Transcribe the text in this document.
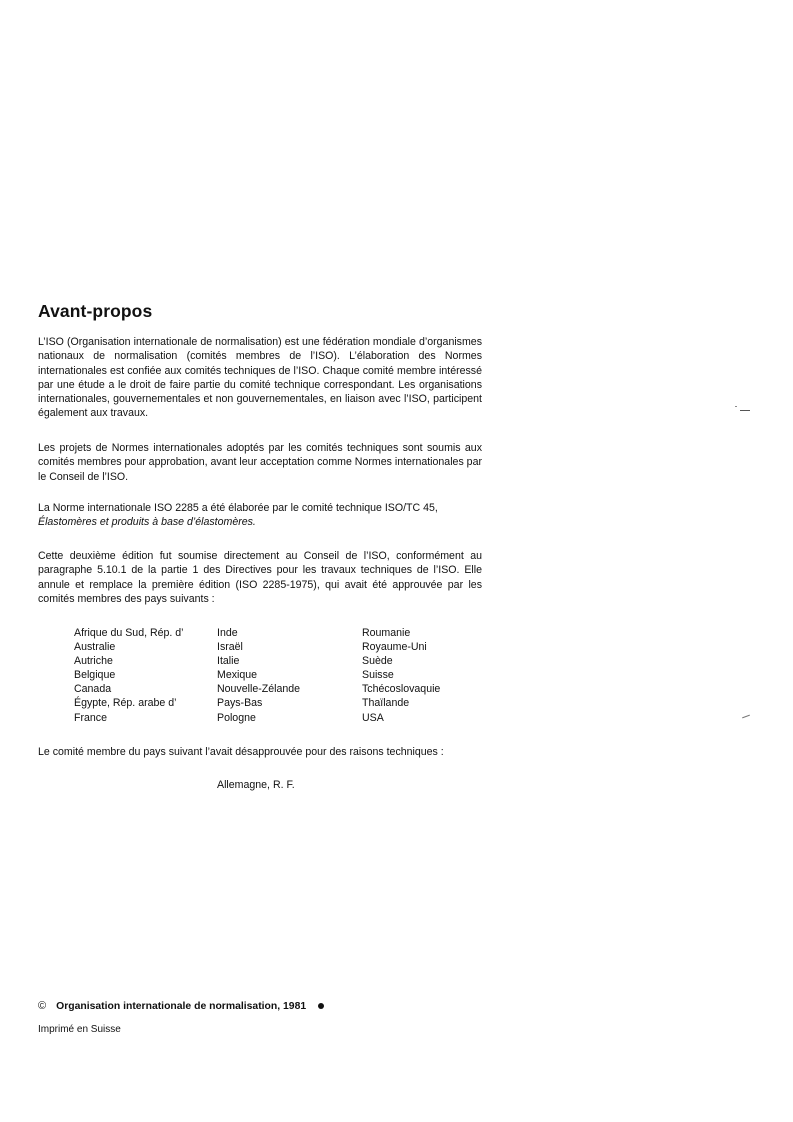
Avant-propos

L’ISO (Organisation internationale de normalisation) est une fédération mondiale d’organismes nationaux de normalisation (comités membres de l’ISO). L’élaboration des Normes internationales est confiée aux comités techniques de l’ISO. Chaque comité membre intéressé par une étude a le droit de faire partie du comité technique correspondant. Les organisations internationales, gouvernementales et non gouvernementales, en liaison avec l’ISO, participent également aux travaux.

Les projets de Normes internationales adoptés par les comités techniques sont soumis aux comités membres pour approbation, avant leur acceptation comme Normes internationales par le Conseil de l’ISO.

La Norme internationale ISO 2285 a été élaborée par le comité technique ISO/TC 45,
Élastomères et produits à base d’élastomères.

Cette deuxième édition fut soumise directement au Conseil de l’ISO, conformément au paragraphe 5.10.1 de la partie 1 des Directives pour les travaux techniques de l’ISO. Elle annule et remplace la première édition (ISO 2285-1975), qui avait été approuvée par les comités membres des pays suivants :

Afrique du Sud, Rép. d’
Australie
Autriche
Belgique
Canada
Égypte, Rép. arabe d’
France
Inde
Israël
Italie
Mexique
Nouvelle-Zélande
Pays-Bas
Pologne
Roumanie
Royaume-Uni
Suède
Suisse
Tchécoslovaquie
Thaïlande
USA

Le comité membre du pays suivant l’avait désapprouvée pour des raisons techniques :

Allemagne, R. F.

© Organisation internationale de normalisation, 1981

Imprimé en Suisse
